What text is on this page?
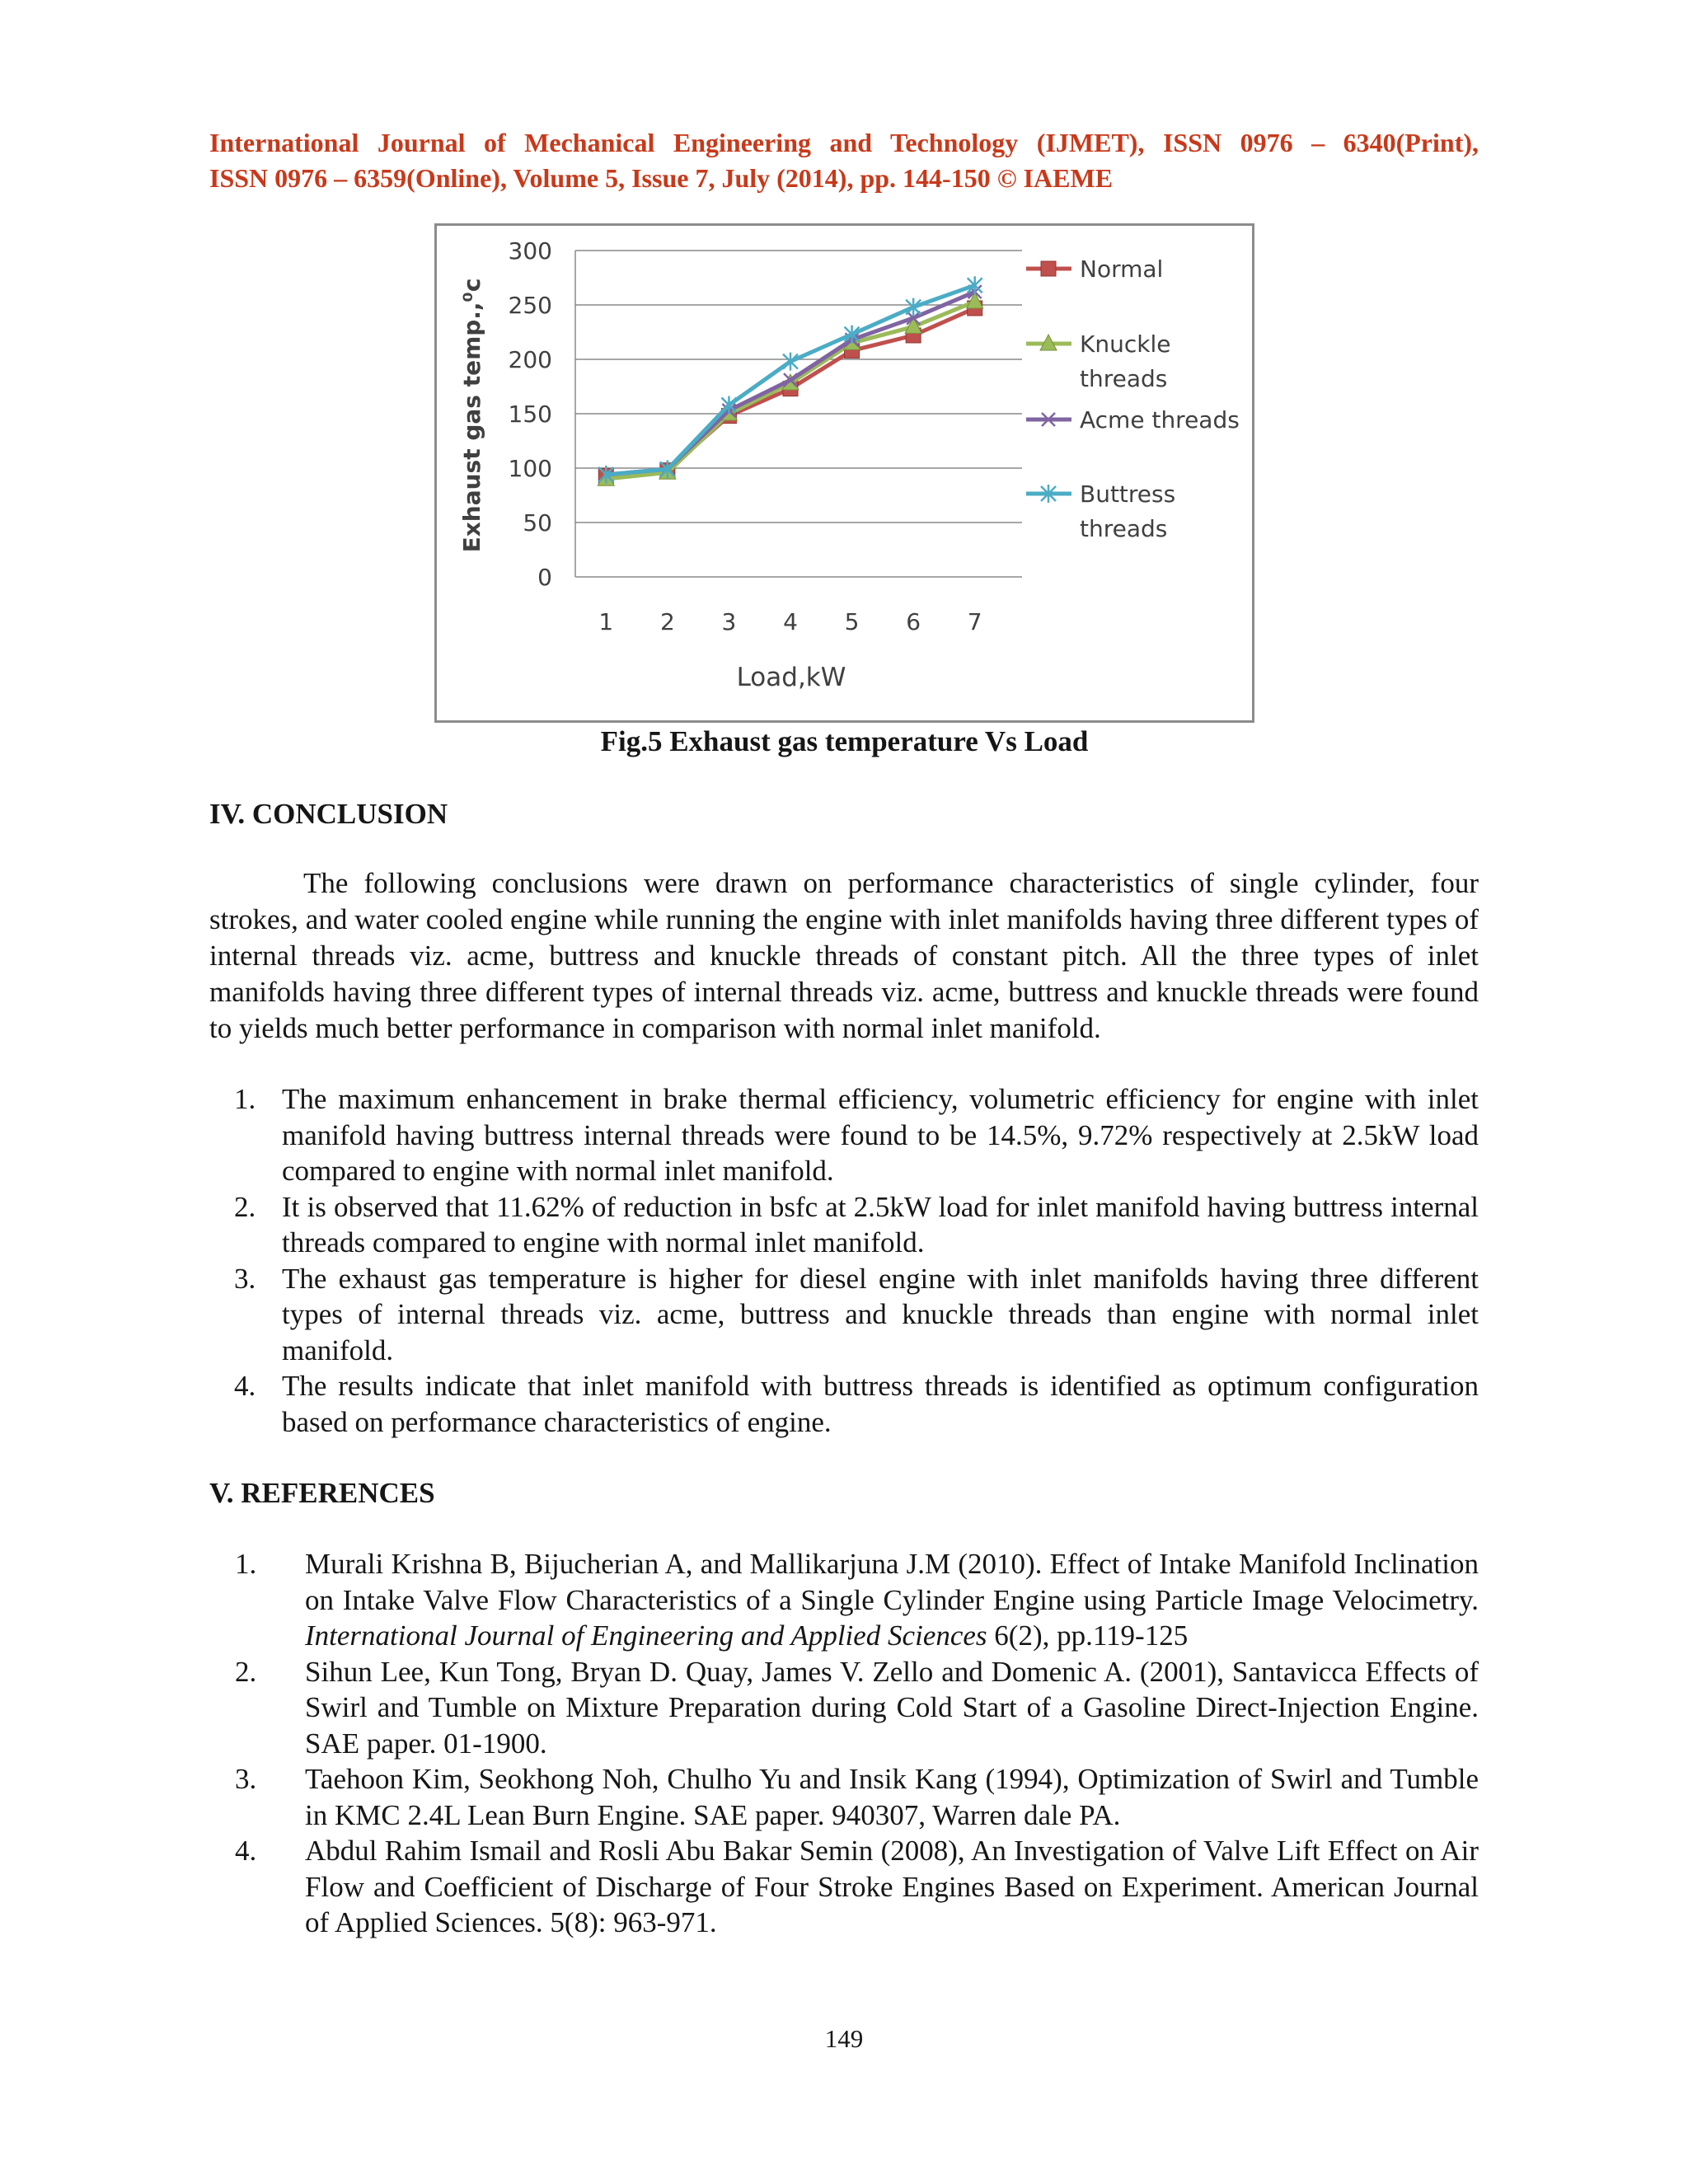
International Journal of Mechanical Engineering and Technology (IJMET), ISSN 0976 – 6340(Print),
ISSN 0976 – 6359(Online), Volume 5, Issue 7, July (2014), pp. 144-150 © IAEME
0
50
100
150
200
250
300
1 2 3 4 5 6 7
Normal
Knuckle
threads
Acme threads
Buttress
threads
Load,kW
Exhaust gas temp.,⁰c
Fig.5 Exhaust gas temperature Vs Load
IV. CONCLUSION
The following conclusions were drawn on performance characteristics of single cylinder, four strokes, and water cooled engine while running the engine with inlet manifolds having three different types of internal threads viz. acme, buttress and knuckle threads of constant pitch. All the three types of inlet manifolds having three different types of internal threads viz. acme, buttress and knuckle threads were found to yields much better performance in comparison with normal inlet manifold.
1. The maximum enhancement in brake thermal efficiency, volumetric efficiency for engine with inlet manifold having buttress internal threads were found to be 14.5%, 9.72% respectively at 2.5kW load compared to engine with normal inlet manifold.
2. It is observed that 11.62% of reduction in bsfc at 2.5kW load for inlet manifold having buttress internal threads compared to engine with normal inlet manifold.
3. The exhaust gas temperature is higher for diesel engine with inlet manifolds having three different types of internal threads viz. acme, buttress and knuckle threads than engine with normal inlet manifold.
4. The results indicate that inlet manifold with buttress threads is identified as optimum configuration based on performance characteristics of engine.
V. REFERENCES
1. Murali Krishna B, Bijucherian A, and Mallikarjuna J.M (2010). Effect of Intake Manifold Inclination on Intake Valve Flow Characteristics of a Single Cylinder Engine using Particle Image Velocimetry. International Journal of Engineering and Applied Sciences 6(2), pp.119-125
2. Sihun Lee, Kun Tong, Bryan D. Quay, James V. Zello and Domenic A. (2001), Santavicca Effects of Swirl and Tumble on Mixture Preparation during Cold Start of a Gasoline Direct-Injection Engine. SAE paper. 01-1900.
3. Taehoon Kim, Seokhong Noh, Chulho Yu and Insik Kang (1994), Optimization of Swirl and Tumble in KMC 2.4L Lean Burn Engine. SAE paper. 940307, Warren dale PA.
4. Abdul Rahim Ismail and Rosli Abu Bakar Semin (2008), An Investigation of Valve Lift Effect on Air Flow and Coefficient of Discharge of Four Stroke Engines Based on Experiment. American Journal of Applied Sciences. 5(8): 963-971.
149
